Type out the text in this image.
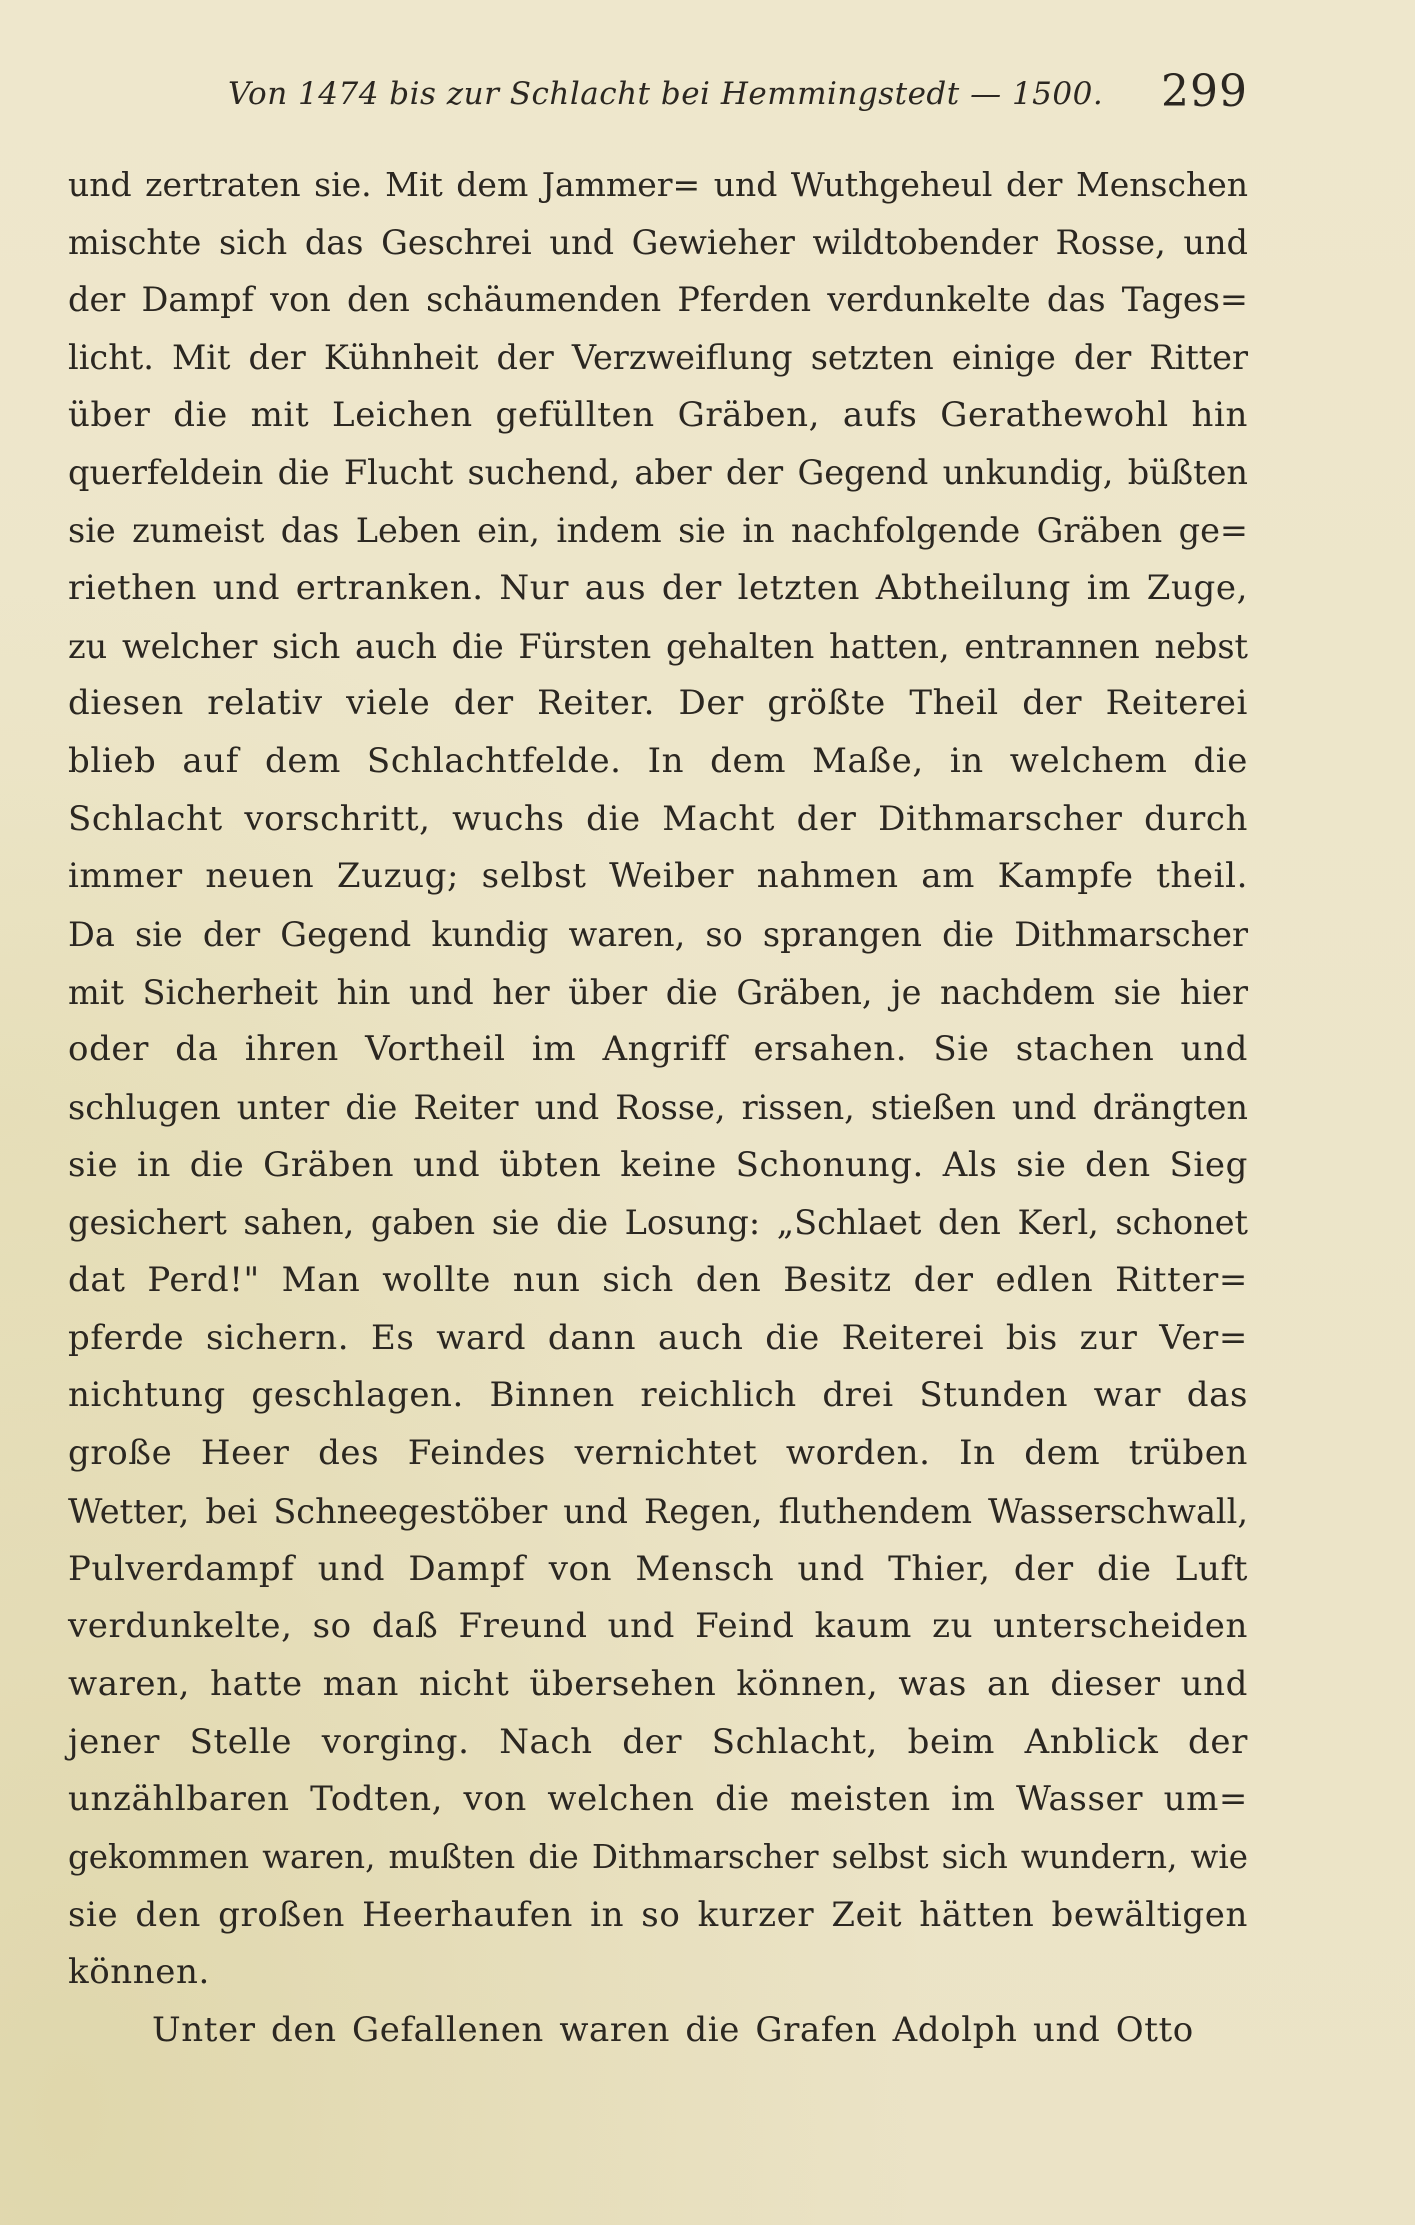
Von 1474 bis zur Schlacht bei Hemmingstedt — 1500. 299
und zertraten sie. Mit dem Jammer= und Wuthgeheul der Menschen
mischte sich das Geschrei und Gewieher wildtobender Rosse, und
der Dampf von den schäumenden Pferden verdunkelte das Tages=
licht. Mit der Kühnheit der Verzweiflung setzten einige der Ritter
über die mit Leichen gefüllten Gräben, aufs Gerathewohl hin
querfeldein die Flucht suchend, aber der Gegend unkundig, büßten
sie zumeist das Leben ein, indem sie in nachfolgende Gräben ge=
riethen und ertranken. Nur aus der letzten Abtheilung im Zuge,
zu welcher sich auch die Fürsten gehalten hatten, entrannen nebst
diesen relativ viele der Reiter. Der größte Theil der Reiterei
blieb auf dem Schlachtfelde. In dem Maße, in welchem die
Schlacht vorschritt, wuchs die Macht der Dithmarscher durch
immer neuen Zuzug; selbst Weiber nahmen am Kampfe theil.
Da sie der Gegend kundig waren, so sprangen die Dithmarscher
mit Sicherheit hin und her über die Gräben, je nachdem sie hier
oder da ihren Vortheil im Angriff ersahen. Sie stachen und
schlugen unter die Reiter und Rosse, rissen, stießen und drängten
sie in die Gräben und übten keine Schonung. Als sie den Sieg
gesichert sahen, gaben sie die Losung: „Schlaet den Kerl, schonet
dat Perd!" Man wollte nun sich den Besitz der edlen Ritter=
pferde sichern. Es ward dann auch die Reiterei bis zur Ver=
nichtung geschlagen. Binnen reichlich drei Stunden war das
große Heer des Feindes vernichtet worden. In dem trüben
Wetter, bei Schneegestöber und Regen, fluthendem Wasserschwall,
Pulverdampf und Dampf von Mensch und Thier, der die Luft
verdunkelte, so daß Freund und Feind kaum zu unterscheiden
waren, hatte man nicht übersehen können, was an dieser und
jener Stelle vorging. Nach der Schlacht, beim Anblick der
unzählbaren Todten, von welchen die meisten im Wasser um=
gekommen waren, mußten die Dithmarscher selbst sich wundern, wie
sie den großen Heerhaufen in so kurzer Zeit hätten bewältigen
können.
Unter den Gefallenen waren die Grafen Adolph und Otto
